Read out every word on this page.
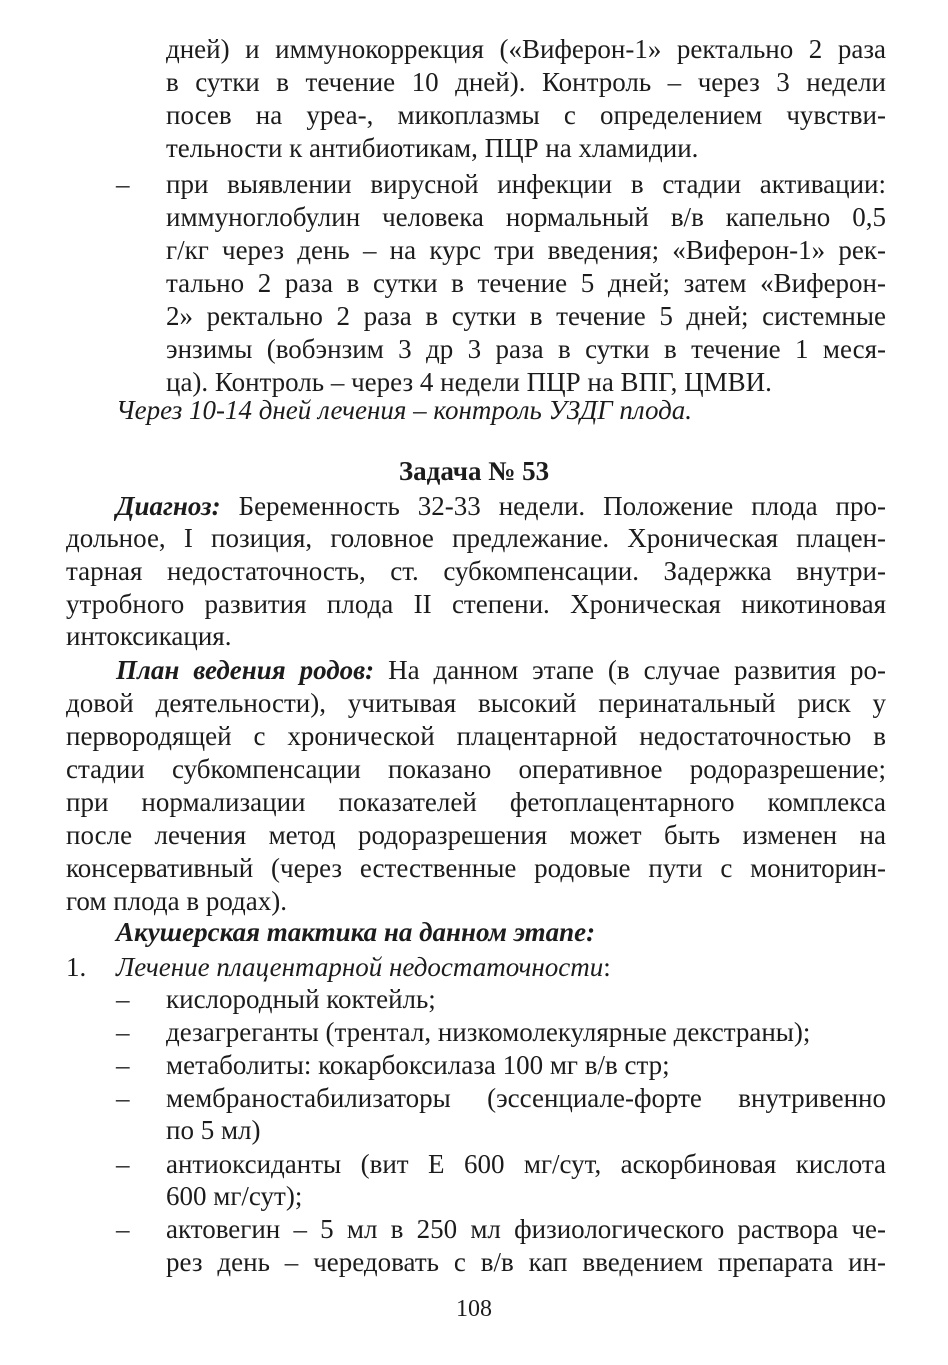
дней) и иммунокоррекция («Виферон-1» ректально 2 раза
в сутки в течение 10 дней). Контроль – через 3 недели
посев на уреа-, микоплазмы с определением чувстви-
тельности к антибиотикам, ПЦР на хламидии.
– при выявлении вирусной инфекции в стадии активации:
иммуноглобулин человека нормальный в/в капельно 0,5
г/кг через день – на курс три введения; «Виферон-1» рек-
тально 2 раза в сутки в течение 5 дней; затем «Виферон-
2» ректально 2 раза в сутки в течение 5 дней; системные
энзимы (вобэнзим 3 др 3 раза в сутки в течение 1 меся-
ца). Контроль – через 4 недели ПЦР на ВПГ, ЦМВИ.
Через 10-14 дней лечения – контроль УЗДГ плода.
Задача № 53
Диагноз: Беременность 32-33 недели. Положение плода про-
дольное, I позиция, головное предлежание. Хроническая плацен-
тарная недостаточность, ст. субкомпенсации. Задержка внутри-
утробного развития плода II степени. Хроническая никотиновая
интоксикация.
План ведения родов: На данном этапе (в случае развития ро-
довой деятельности), учитывая высокий перинатальный риск у
первородящей с хронической плацентарной недостаточностью в
стадии субкомпенсации показано оперативное родоразрешение;
при нормализации показателей фетоплацентарного комплекса
после лечения метод родоразрешения может быть изменен на
консервативный (через естественные родовые пути с мониторин-
гом плода в родах).
Акушерская тактика на данном этапе:
1. Лечение плацентарной недостаточности:
– кислородный коктейль;
– дезагреганты (трентал, низкомолекулярные декстраны);
– метаболиты: кокарбоксилаза 100 мг в/в стр;
– мембраностабилизаторы (эссенциале-форте внутривенно
по 5 мл)
– антиоксиданты (вит Е 600 мг/сут, аскорбиновая кислота
600 мг/сут);
– актовегин – 5 мл в 250 мл физиологического раствора че-
рез день – чередовать с в/в кап введением препарата ин-
108
